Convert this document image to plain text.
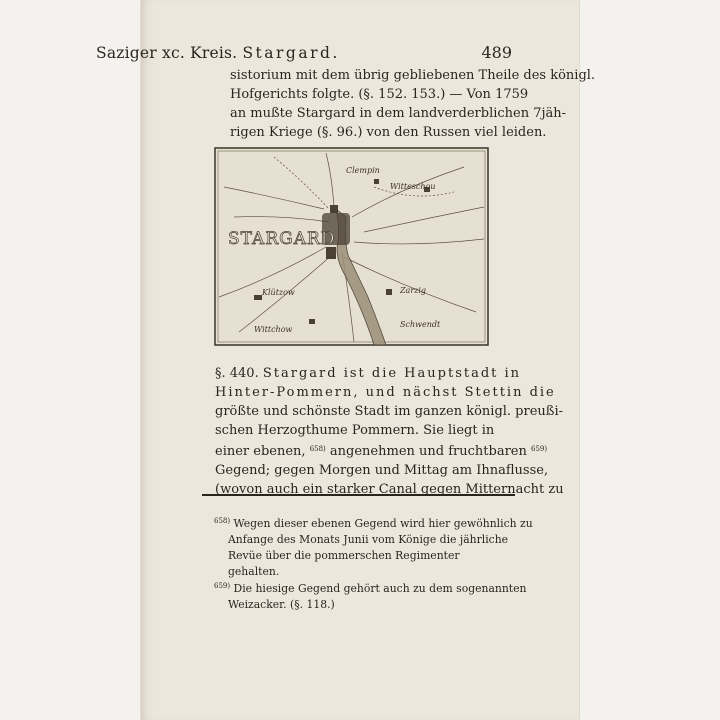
Saziger xc. Kreis. Stargard.	489
sistorium mit dem übrig gebliebenen Theile des königl.
Hofgerichts folgte. (§. 152. 153.) — Von 1759
an mußte Stargard in dem landverderblichen 7jäh-
rigen Kriege (§. 96.) von den Russen viel leiden.
STARGARD
Clempin
Witteschou
Klützow	Zarzig
Schwendt
Wittchow
§. 440. Stargard ist die Hauptstadt in
Hinter-Pommern, und nächst Stettin die
größte und schönste Stadt im ganzen königl. preußi-
schen Herzogthume Pommern. Sie liegt in
einer ebenen, $^{658)}$ angenehmen und fruchtbaren $^{659)}$
Gegend; gegen Morgen und Mittag am Ihnaflusse,
(wovon auch ein starker Canal gegen Mitternacht zu
$^{658)}$ Wegen dieser ebenen Gegend wird hier gewöhnlich zu
Anfange des Monats Junii vom Könige die jährliche
Revüe über die pommerschen Regimenter
gehalten.
$^{659)}$ Die hiesige Gegend gehört auch zu dem sogenannten
Weizacker. (§. 118.)
